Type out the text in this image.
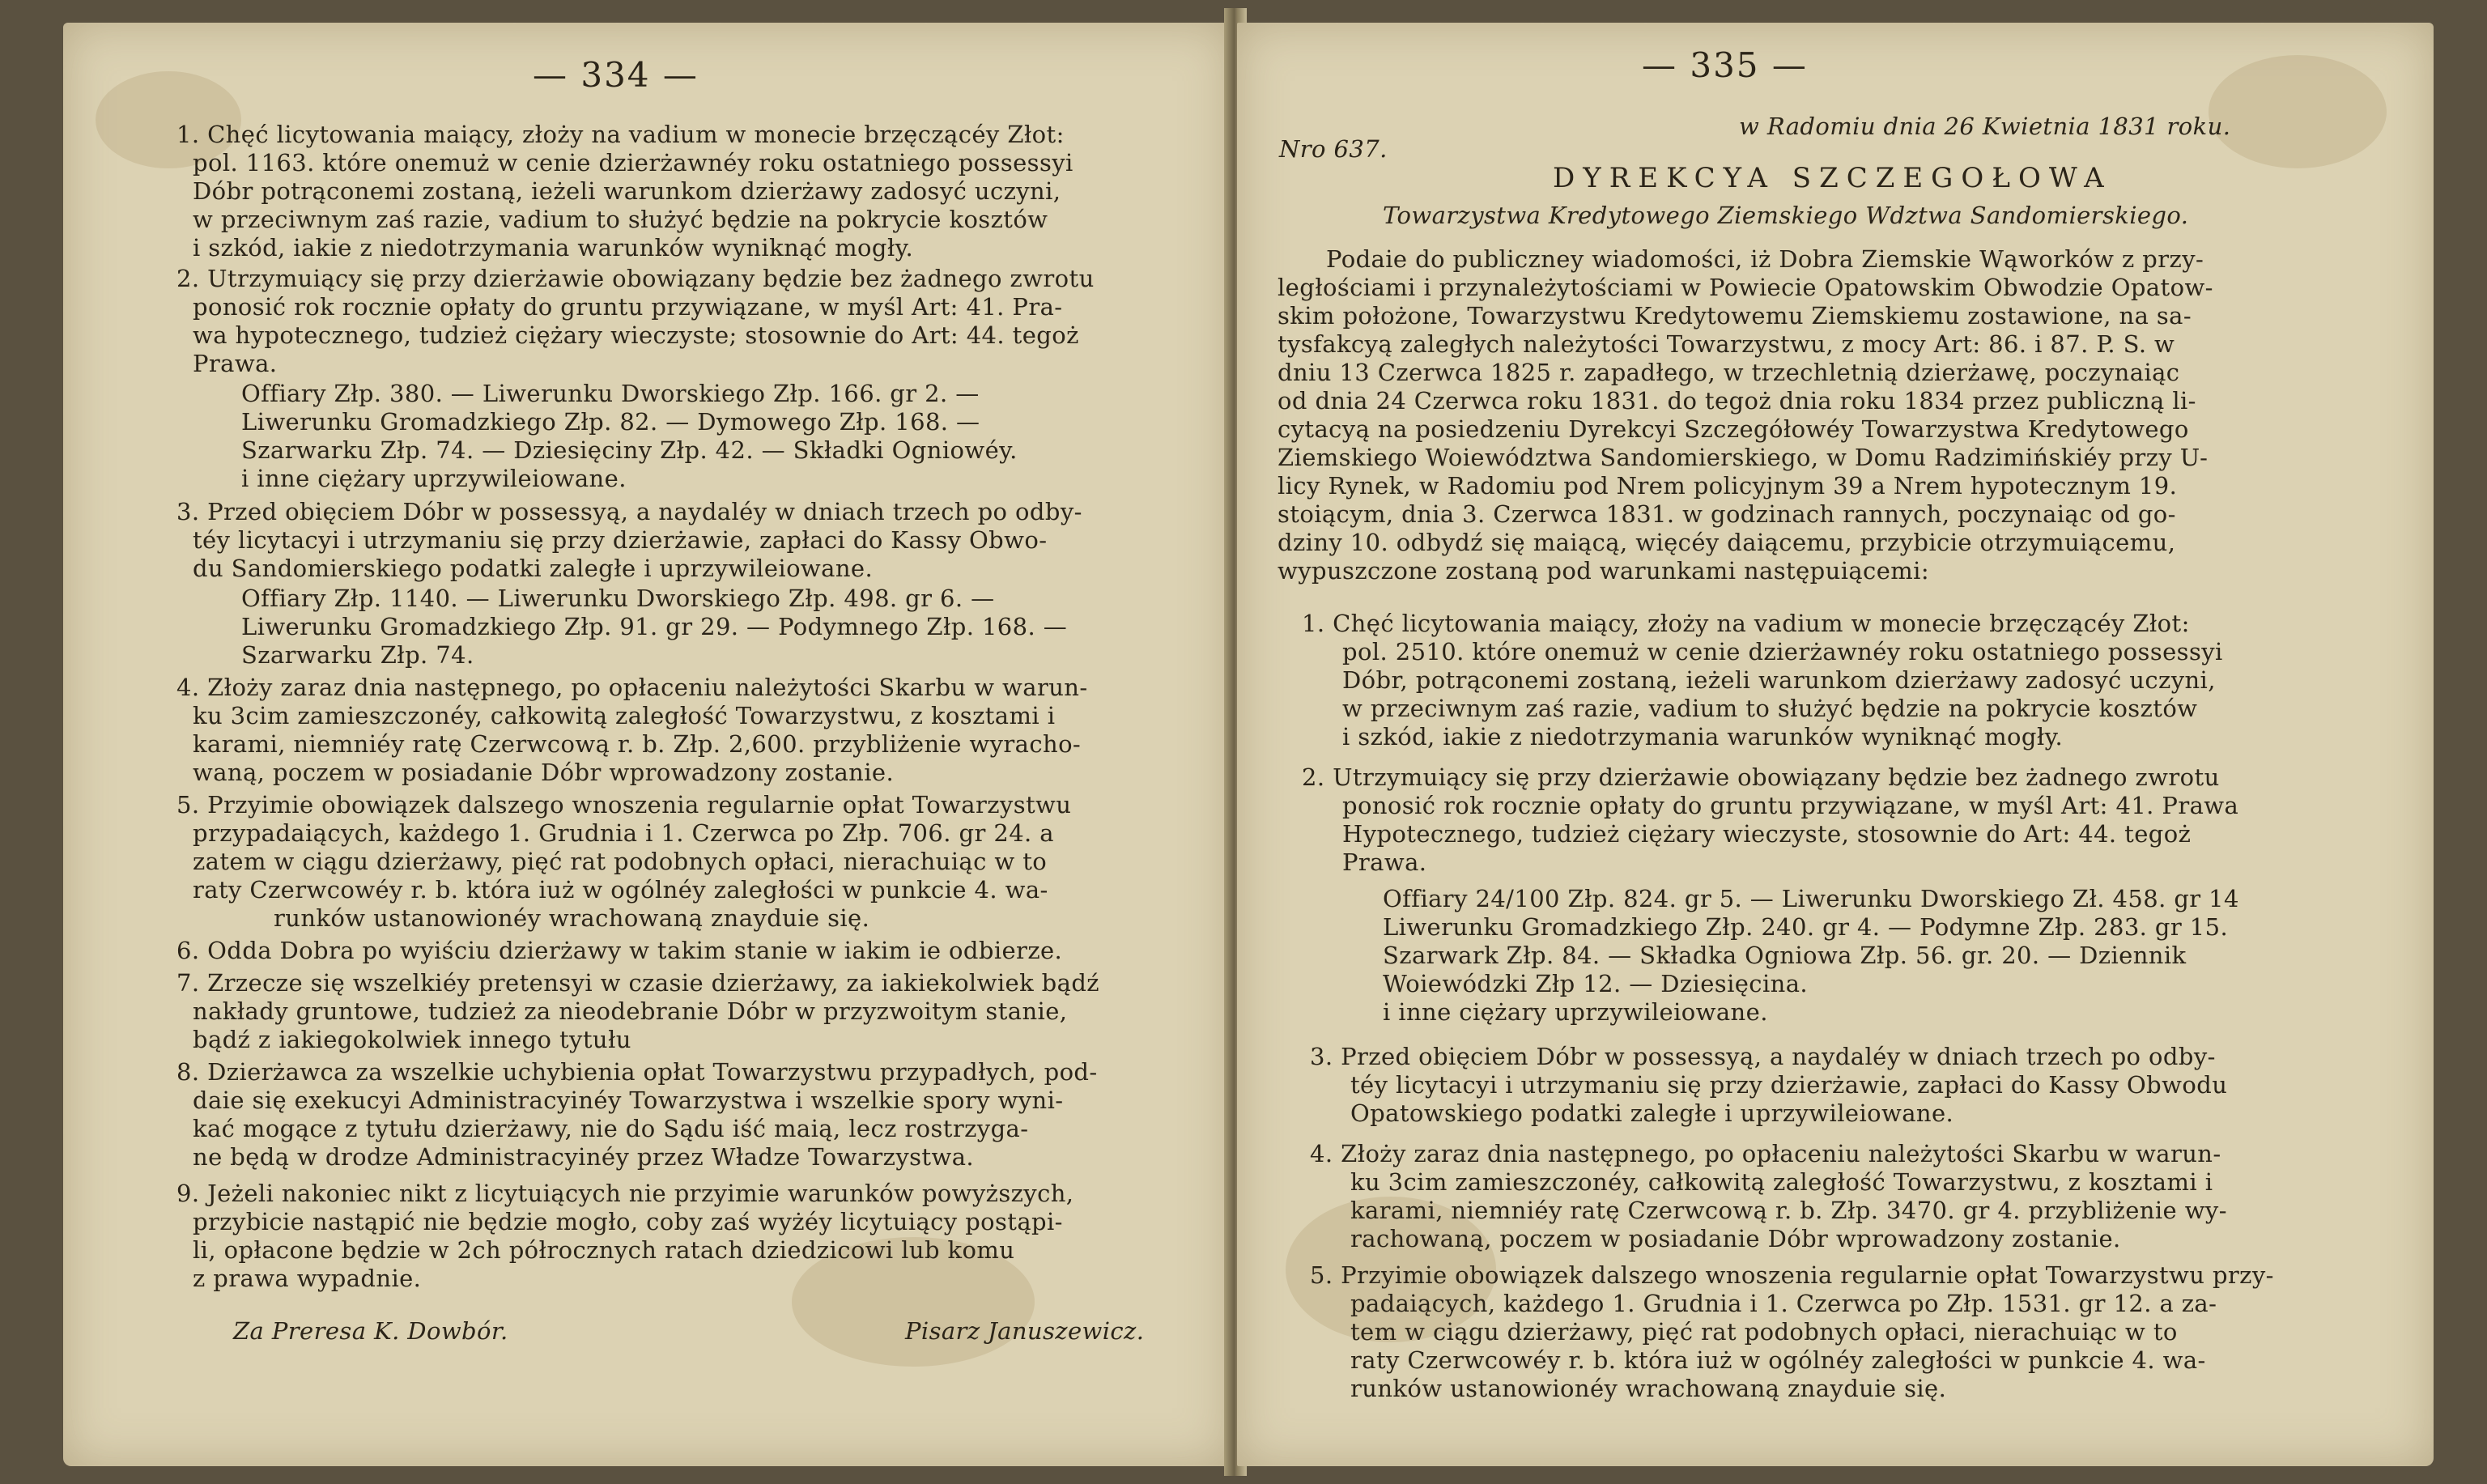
— 334 —
1. Chęć licytowania maiący, złoży na vadium w monecie brzęczącéy Złot:
pol. 1163. które onemuż w cenie dzierżawnéy roku ostatniego possessyi
Dóbr potrąconemi zostaną, ieżeli warunkom dzierżawy zadosyć uczyni,
w przeciwnym zaś razie, vadium to służyć będzie na pokrycie kosztów
i szkód, iakie z niedotrzymania warunków wyniknąć mogły.
2. Utrzymuiący się przy dzierżawie obowiązany będzie bez żadnego zwrotu
ponosić rok rocznie opłaty do gruntu przywiązane, w myśl Art: 41. Pra-
wa hypotecznego, tudzież ciężary wieczyste; stosownie do Art: 44. tegoż
Prawa.
Offiary Złp. 380. — Liwerunku Dworskiego Złp. 166. gr 2. —
Liwerunku Gromadzkiego Złp. 82. — Dymowego Złp. 168. —
Szarwarku Złp. 74. — Dziesięciny Złp. 42. — Składki Ogniowéy.
i inne ciężary uprzywileiowane.
3. Przed obięciem Dóbr w possessyą, a naydaléy w dniach trzech po odby-
téy licytacyi i utrzymaniu się przy dzierżawie, zapłaci do Kassy Obwo-
du Sandomierskiego podatki zaległe i uprzywileiowane.
Offiary Złp. 1140. — Liwerunku Dworskiego Złp. 498. gr 6. —
Liwerunku Gromadzkiego Złp. 91. gr 29. — Podymnego Złp. 168. —
Szarwarku Złp. 74.
4. Złoży zaraz dnia następnego, po opłaceniu należytości Skarbu w warun-
ku 3cim zamieszczonéy, całkowitą zaległość Towarzystwu, z kosztami i
karami, niemniéy ratę Czerwcową r. b. Złp. 2,600. przybliżenie wyracho-
waną, poczem w posiadanie Dóbr wprowadzony zostanie.
5. Przyimie obowiązek dalszego wnoszenia regularnie opłat Towarzystwu
przypadaiących, każdego 1. Grudnia i 1. Czerwca po Złp. 706. gr 24. a
zatem w ciągu dzierżawy, pięć rat podobnych opłaci, nierachuiąc w to
raty Czerwcowéy r. b. która iuż w ogólnéy zaległości w punkcie 4. wa-
runków ustanowionéy wrachowaną znayduie się.
6. Odda Dobra po wyiściu dzierżawy w takim stanie w iakim ie odbierze.
7. Zrzecze się wszelkiéy pretensyi w czasie dzierżawy, za iakiekolwiek bądź
nakłady gruntowe, tudzież za nieodebranie Dóbr w przyzwoitym stanie,
bądź z iakiegokolwiek innego tytułu
8. Dzierżawca za wszelkie uchybienia opłat Towarzystwu przypadłych, pod-
daie się exekucyi Administracyinéy Towarzystwa i wszelkie spory wyni-
kać mogące z tytułu dzierżawy, nie do Sądu iść maią, lecz rostrzyga-
ne będą w drodze Administracyinéy przez Władze Towarzystwa.
9. Jeżeli nakoniec nikt z licytuiących nie przyimie warunków powyższych,
przybicie nastąpić nie będzie mogło, coby zaś wyżéy licytuiący postąpi-
li, opłacone będzie w 2ch półrocznych ratach dziedzicowi lub komu
z prawa wypadnie.
Za Preresa K. Dowbór.	Pisarz Januszewicz.
— 335 —
Nro 637.
w Radomiu dnia 26 Kwietnia 1831 roku.
DYREKCYA SZCZEGOŁOWA
Towarzystwa Kredytowego Ziemskiego Wdztwa Sandomierskiego.
Podaie do publiczney wiadomości, iż Dobra Ziemskie Wąworków z przy-
ległościami i przynależytościami w Powiecie Opatowskim Obwodzie Opatow-
skim położone, Towarzystwu Kredytowemu Ziemskiemu zostawione, na sa-
tysfakcyą zaległych należytości Towarzystwu, z mocy Art: 86. i 87. P. S. w
dniu 13 Czerwca 1825 r. zapadłego, w trzechletnią dzierżawę, poczynaiąc
od dnia 24 Czerwca roku 1831. do tegoż dnia roku 1834 przez publiczną li-
cytacyą na posiedzeniu Dyrekcyi Szczegółowéy Towarzystwa Kredytowego
Ziemskiego Woiewództwa Sandomierskiego, w Domu Radzimińskiéy przy U-
licy Rynek, w Radomiu pod Nrem policyjnym 39 a Nrem hypotecznym 19.
stoiącym, dnia 3. Czerwca 1831. w godzinach rannych, poczynaiąc od go-
dziny 10. odbydź się maiącą, więcéy daiącemu, przybicie otrzymuiącemu,
wypuszczone zostaną pod warunkami następuiącemi:
1. Chęć licytowania maiący, złoży na vadium w monecie brzęczącéy Złot:
pol. 2510. które onemuż w cenie dzierżawnéy roku ostatniego possessyi
Dóbr, potrąconemi zostaną, ieżeli warunkom dzierżawy zadosyć uczyni,
w przeciwnym zaś razie, vadium to służyć będzie na pokrycie kosztów
i szkód, iakie z niedotrzymania warunków wyniknąć mogły.
2. Utrzymuiący się przy dzierżawie obowiązany będzie bez żadnego zwrotu
ponosić rok rocznie opłaty do gruntu przywiązane, w myśl Art: 41. Prawa
Hypotecznego, tudzież ciężary wieczyste, stosownie do Art: 44. tegoż
Prawa.
Offiary 24/100 Złp. 824. gr 5. — Liwerunku Dworskiego Zł. 458. gr 14
Liwerunku Gromadzkiego Złp. 240. gr 4. — Podymne Złp. 283. gr 15.
Szarwark Złp. 84. — Składka Ogniowa Złp. 56. gr. 20. — Dziennik
Woiewódzki Złp 12. — Dziesięcina.
i inne ciężary uprzywileiowane.
3. Przed obięciem Dóbr w possessyą, a naydaléy w dniach trzech po odby-
téy licytacyi i utrzymaniu się przy dzierżawie, zapłaci do Kassy Obwodu
Opatowskiego podatki zaległe i uprzywileiowane.
4. Złoży zaraz dnia następnego, po opłaceniu należytości Skarbu w warun-
ku 3cim zamieszczonéy, całkowitą zaległość Towarzystwu, z kosztami i
karami, niemniéy ratę Czerwcową r. b. Złp. 3470. gr 4. przybliżenie wy-
rachowaną, poczem w posiadanie Dóbr wprowadzony zostanie.
5. Przyimie obowiązek dalszego wnoszenia regularnie opłat Towarzystwu przy-
padaiących, każdego 1. Grudnia i 1. Czerwca po Złp. 1531. gr 12. a za-
tem w ciągu dzierżawy, pięć rat podobnych opłaci, nierachuiąc w to
raty Czerwcowéy r. b. która iuż w ogólnéy zaległości w punkcie 4. wa-
runków ustanowionéy wrachowaną znayduie się.
